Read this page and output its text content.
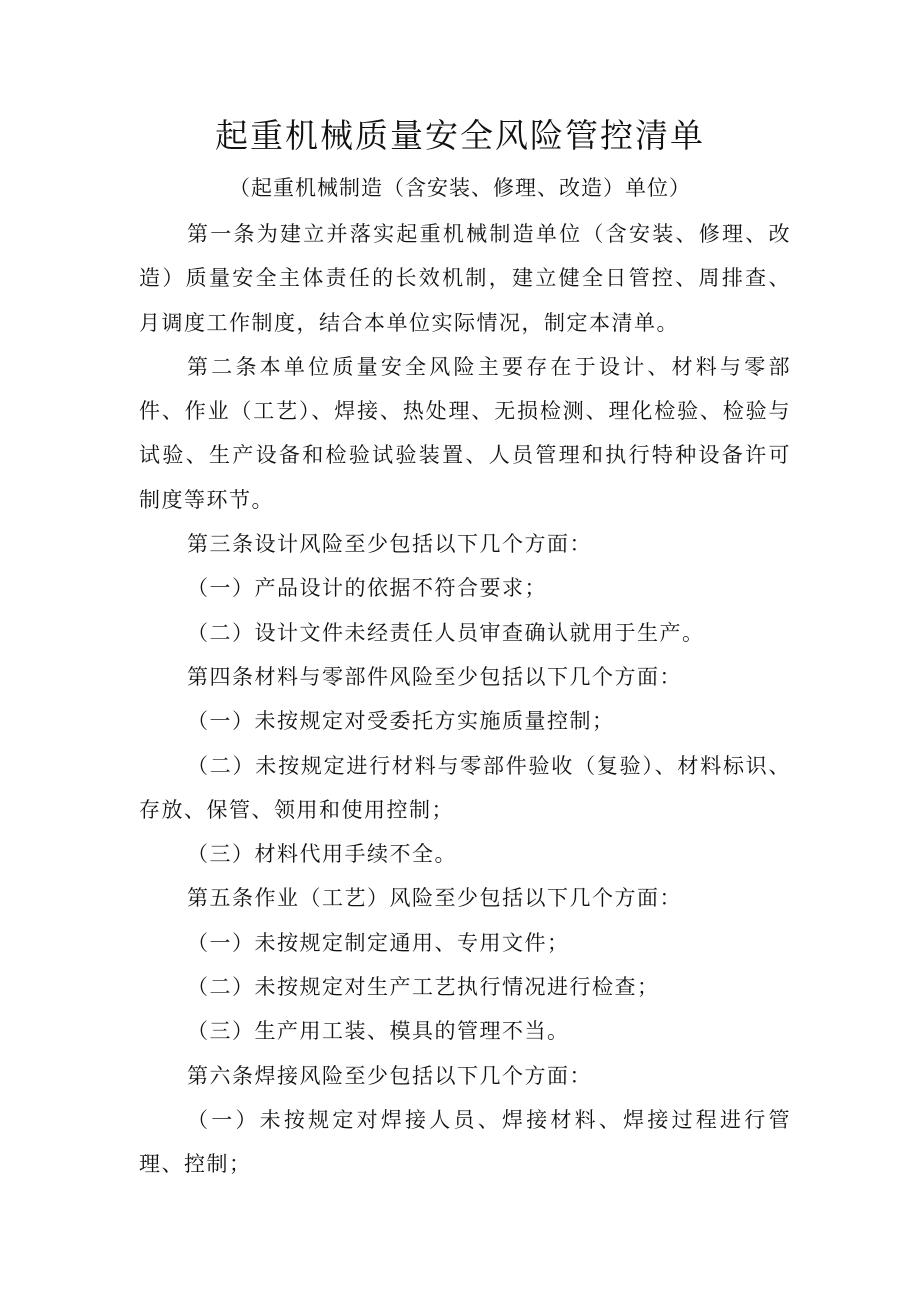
起重机械质量安全风险管控清单
（起重机械制造（含安装、修理、改造）单位）

第一条为建立并落实起重机械制造单位（含安装、修理、改造）质量安全主体责任的长效机制，建立健全日管控、周排查、月调度工作制度，结合本单位实际情况，制定本清单。

第二条本单位质量安全风险主要存在于设计、材料与零部件、作业（工艺）、焊接、热处理、无损检测、理化检验、检验与试验、生产设备和检验试验装置、人员管理和执行特种设备许可制度等环节。

第三条设计风险至少包括以下几个方面：

（一）产品设计的依据不符合要求；

（二）设计文件未经责任人员审查确认就用于生产。

第四条材料与零部件风险至少包括以下几个方面：

（一）未按规定对受委托方实施质量控制；

（二）未按规定进行材料与零部件验收（复验）、材料标识、存放、保管、领用和使用控制；

（三）材料代用手续不全。

第五条作业（工艺）风险至少包括以下几个方面：

（一）未按规定制定通用、专用文件；

（二）未按规定对生产工艺执行情况进行检查；

（三）生产用工装、模具的管理不当。

第六条焊接风险至少包括以下几个方面：

（一）未按规定对焊接人员、焊接材料、焊接过程进行管理、控制；
